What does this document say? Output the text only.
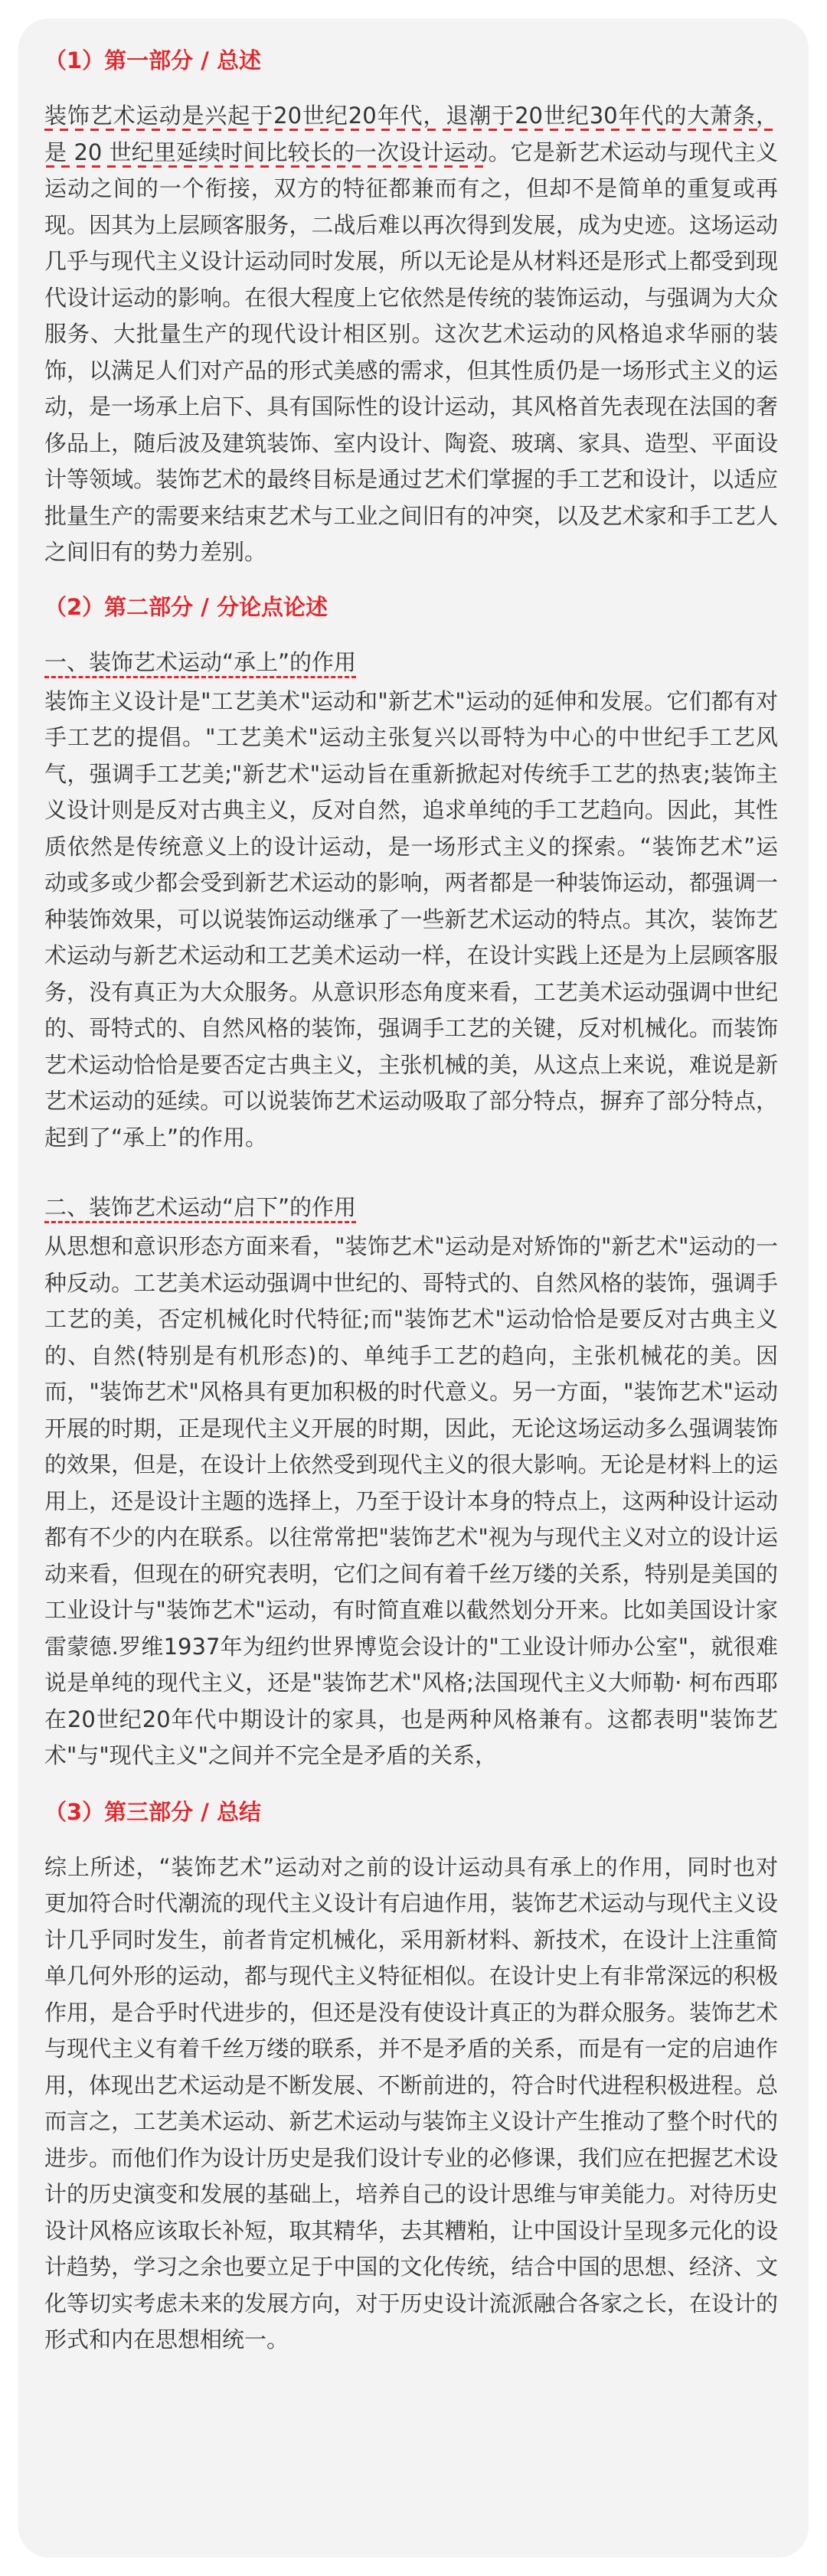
（1）第一部分 / 总述

装饰艺术运动是兴起于20世纪20年代，退潮于20世纪30年代的大萧条，是 20 世纪里延续时间比较长的一次设计运动。它是新艺术运动与现代主义运动之间的一个衔接，双方的特征都兼而有之，但却不是简单的重复或再现。因其为上层顾客服务，二战后难以再次得到发展，成为史迹。这场运动几乎与现代主义设计运动同时发展，所以无论是从材料还是形式上都受到现代设计运动的影响。在很大程度上它依然是传统的装饰运动，与强调为大众服务、大批量生产的现代设计相区别。这次艺术运动的风格追求华丽的装饰，以满足人们对产品的形式美感的需求，但其性质仍是一场形式主义的运动，是一场承上启下、具有国际性的设计运动，其风格首先表现在法国的奢侈品上，随后波及建筑装饰、室内设计、陶瓷、玻璃、家具、造型、平面设计等领域。装饰艺术的最终目标是通过艺术们掌握的手工艺和设计，以适应批量生产的需要来结束艺术与工业之间旧有的冲突，以及艺术家和手工艺人之间旧有的势力差别。

（2）第二部分 / 分论点论述

一、装饰艺术运动“承上”的作用

装饰主义设计是"工艺美术"运动和"新艺术"运动的延伸和发展。它们都有对手工艺的提倡。"工艺美术"运动主张复兴以哥特为中心的中世纪手工艺风气，强调手工艺美;"新艺术"运动旨在重新掀起对传统手工艺的热衷;装饰主义设计则是反对古典主义，反对自然，追求单纯的手工艺趋向。因此，其性质依然是传统意义上的设计运动，是一场形式主义的探索。“装饰艺术”运动或多或少都会受到新艺术运动的影响，两者都是一种装饰运动，都强调一种装饰效果，可以说装饰运动继承了一些新艺术运动的特点。其次，装饰艺术运动与新艺术运动和工艺美术运动一样，在设计实践上还是为上层顾客服务，没有真正为大众服务。从意识形态角度来看，工艺美术运动强调中世纪的、哥特式的、自然风格的装饰，强调手工艺的关键，反对机械化。而装饰艺术运动恰恰是要否定古典主义，主张机械的美，从这点上来说，难说是新艺术运动的延续。可以说装饰艺术运动吸取了部分特点，摒弃了部分特点，起到了“承上”的作用。

二、装饰艺术运动“启下”的作用

从思想和意识形态方面来看，"装饰艺术"运动是对矫饰的"新艺术"运动的一种反动。工艺美术运动强调中世纪的、哥特式的、自然风格的装饰，强调手工艺的美，否定机械化时代特征;而"装饰艺术"运动恰恰是要反对古典主义的、自然(特别是有机形态)的、单纯手工艺的趋向，主张机械花的美。因而，"装饰艺术"风格具有更加积极的时代意义。另一方面，"装饰艺术"运动开展的时期，正是现代主义开展的时期，因此，无论这场运动多么强调装饰的效果，但是，在设计上依然受到现代主义的很大影响。无论是材料上的运用上，还是设计主题的选择上，乃至于设计本身的特点上，这两种设计运动都有不少的内在联系。以往常常把"装饰艺术"视为与现代主义对立的设计运动来看，但现在的研究表明，它们之间有着千丝万缕的关系，特别是美国的工业设计与"装饰艺术"运动，有时简直难以截然划分开来。比如美国设计家雷蒙德.罗维1937年为纽约世界博览会设计的"工业设计师办公室"，就很难说是单纯的现代主义，还是"装饰艺术"风格;法国现代主义大师勒· 柯布西耶在20世纪20年代中期设计的家具，也是两种风格兼有。这都表明"装饰艺术"与"现代主义"之间并不完全是矛盾的关系，

（3）第三部分 / 总结

综上所述，“装饰艺术”运动对之前的设计运动具有承上的作用，同时也对更加符合时代潮流的现代主义设计有启迪作用，装饰艺术运动与现代主义设计几乎同时发生，前者肯定机械化，采用新材料、新技术，在设计上注重简单几何外形的运动，都与现代主义特征相似。在设计史上有非常深远的积极作用，是合乎时代进步的，但还是没有使设计真正的为群众服务。装饰艺术与现代主义有着千丝万缕的联系，并不是矛盾的关系，而是有一定的启迪作用，体现出艺术运动是不断发展、不断前进的，符合时代进程积极进程。总而言之，工艺美术运动、新艺术运动与装饰主义设计产生推动了整个时代的进步。而他们作为设计历史是我们设计专业的必修课，我们应在把握艺术设计的历史演变和发展的基础上，培养自己的设计思维与审美能力。对待历史设计风格应该取长补短，取其精华，去其糟粕，让中国设计呈现多元化的设计趋势，学习之余也要立足于中国的文化传统，结合中国的思想、经济、文化等切实考虑未来的发展方向，对于历史设计流派融合各家之长，在设计的形式和内在思想相统一。
